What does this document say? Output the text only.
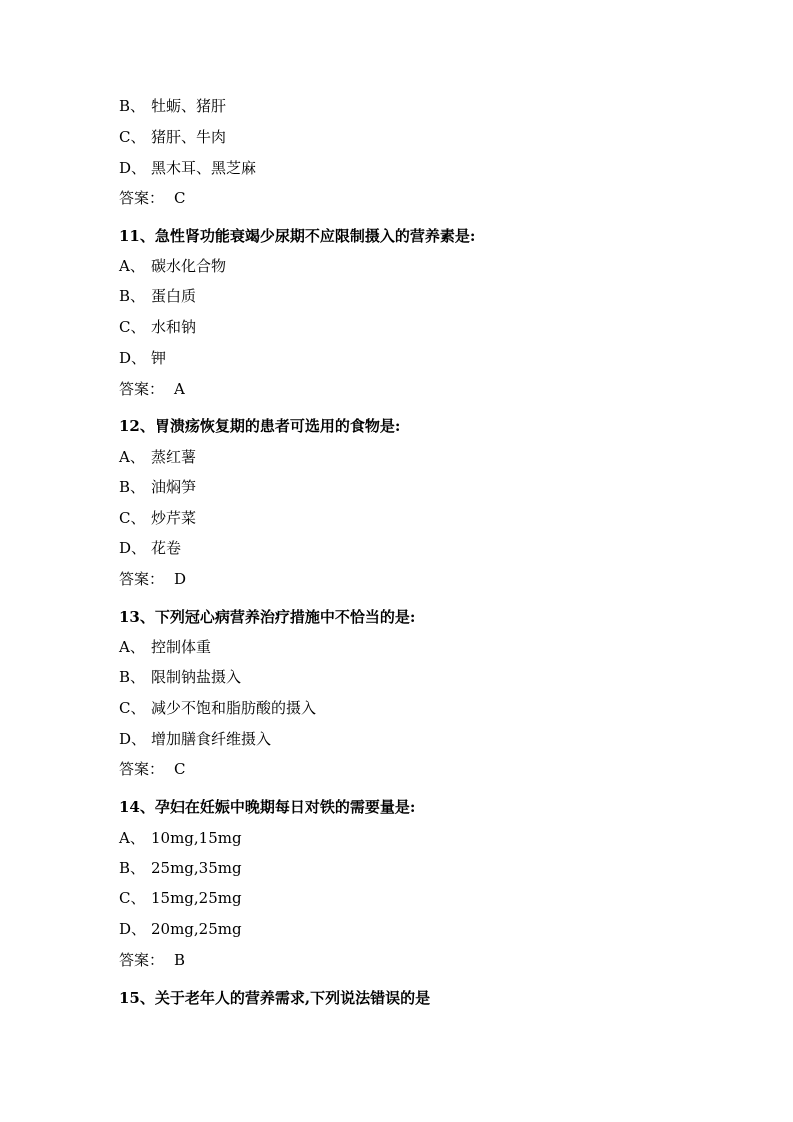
B、 牡蛎、猪肝
C、 猪肝、牛肉
D、 黑木耳、黑芝麻
答案： C
11、急性肾功能衰竭少尿期不应限制摄入的营养素是:
A、 碳水化合物
B、 蛋白质
C、 水和钠
D、 钾
答案： A
12、胃溃疡恢复期的患者可选用的食物是:
A、 蒸红薯
B、 油焖笋
C、 炒芹菜
D、 花卷
答案： D
13、下列冠心病营养治疗措施中不恰当的是:
A、 控制体重
B、 限制钠盐摄入
C、 减少不饱和脂肪酸的摄入
D、 增加膳食纤维摄入
答案： C
14、孕妇在妊娠中晚期每日对铁的需要量是:
A、 10mg,15mg
B、 25mg,35mg
C、 15mg,25mg
D、 20mg,25mg
答案： B
15、关于老年人的营养需求,下列说法错误的是
